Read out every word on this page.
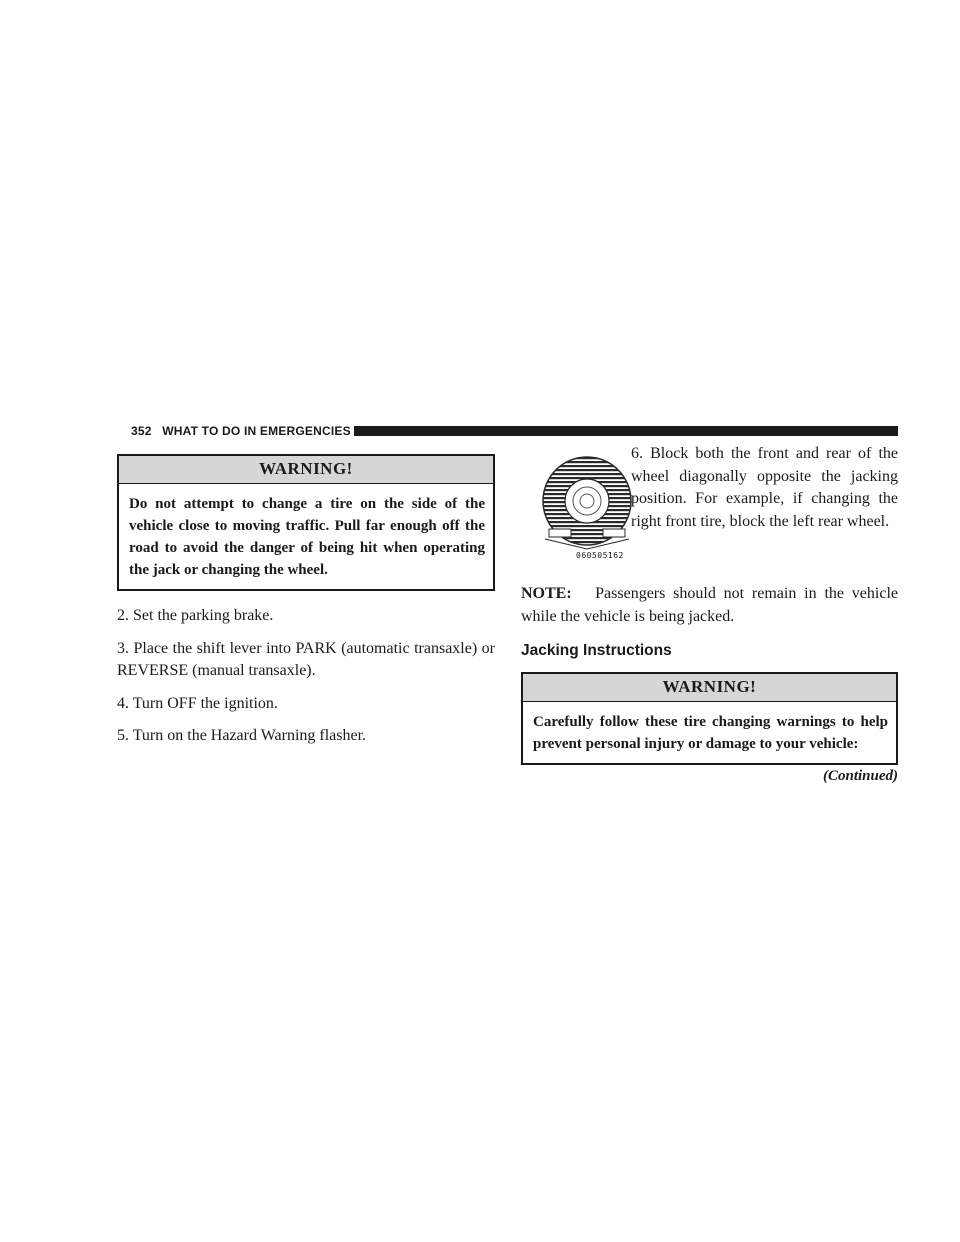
352 WHAT TO DO IN EMERGENCIES
WARNING!
Do not attempt to change a tire on the side of the vehicle close to moving traffic. Pull far enough off the road to avoid the danger of being hit when operating the jack or changing the wheel.

2. Set the parking brake.

3. Place the shift lever into PARK (automatic transaxle) or REVERSE (manual transaxle).

4. Turn OFF the ignition.

5. Turn on the Hazard Warning flasher.

060505162
6. Block both the front and rear of the wheel diagonally opposite the jacking position. For example, if changing the right front tire, block the left rear wheel.

NOTE: Passengers should not remain in the vehicle while the vehicle is being jacked.

Jacking Instructions
WARNING!
Carefully follow these tire changing warnings to help prevent personal injury or damage to your vehicle:
(Continued)
